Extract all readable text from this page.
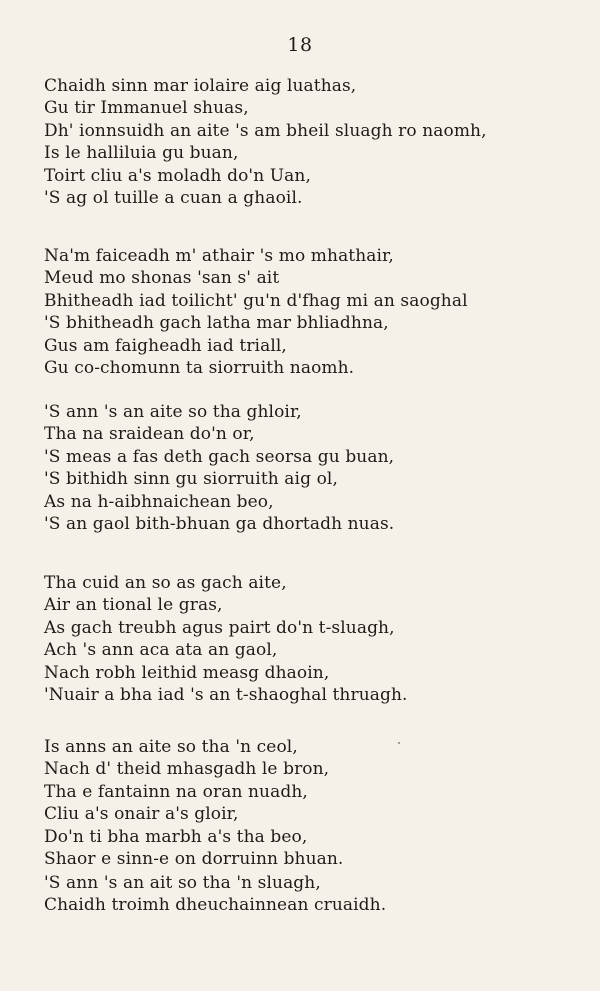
18
Chaidh sinn mar iolaire aig luathas,
Gu tir Immanuel shuas,
Dh' ionnsuidh an aite 's am bheil sluagh ro naomh,
Is le halliluia gu buan,
Toirt cliu a's moladh do'n Uan,
'S ag ol tuille a cuan a ghaoil.
Na'm faiceadh m' athair 's mo mhathair,
Meud mo shonas 'san s' ait
Bhitheadh iad toilicht' gu'n d'fhag mi an saoghal
'S bhitheadh gach latha mar bhliadhna,
Gus am faigheadh iad triall,
Gu co-chomunn ta siorruith naomh.
'S ann 's an aite so tha ghloir,
Tha na sraidean do'n or,
'S meas a fas deth gach seorsa gu buan,
'S bithidh sinn gu siorruith aig ol,
As na h-aibhnaichean beo,
'S an gaol bith-bhuan ga dhortadh nuas.
Tha cuid an so as gach aite,
Air an tional le gras,
As gach treubh agus pairt do'n t-sluagh,
Ach 's ann aca ata an gaol,
Nach robh leithid measg dhaoin,
'Nuair a bha iad 's an t-shaoghal thruagh.
Is anns an aite so tha 'n ceol,
Nach d' theid mhasgadh le bron,
Tha e fantainn na oran nuadh,
Cliu a's onair a's gloir,
Do'n ti bha marbh a's tha beo,
Shaor e sinn-e on dorruinn bhuan.
'S ann 's an ait so tha 'n sluagh,
Chaidh troimh dheuchainnean cruaidh.
